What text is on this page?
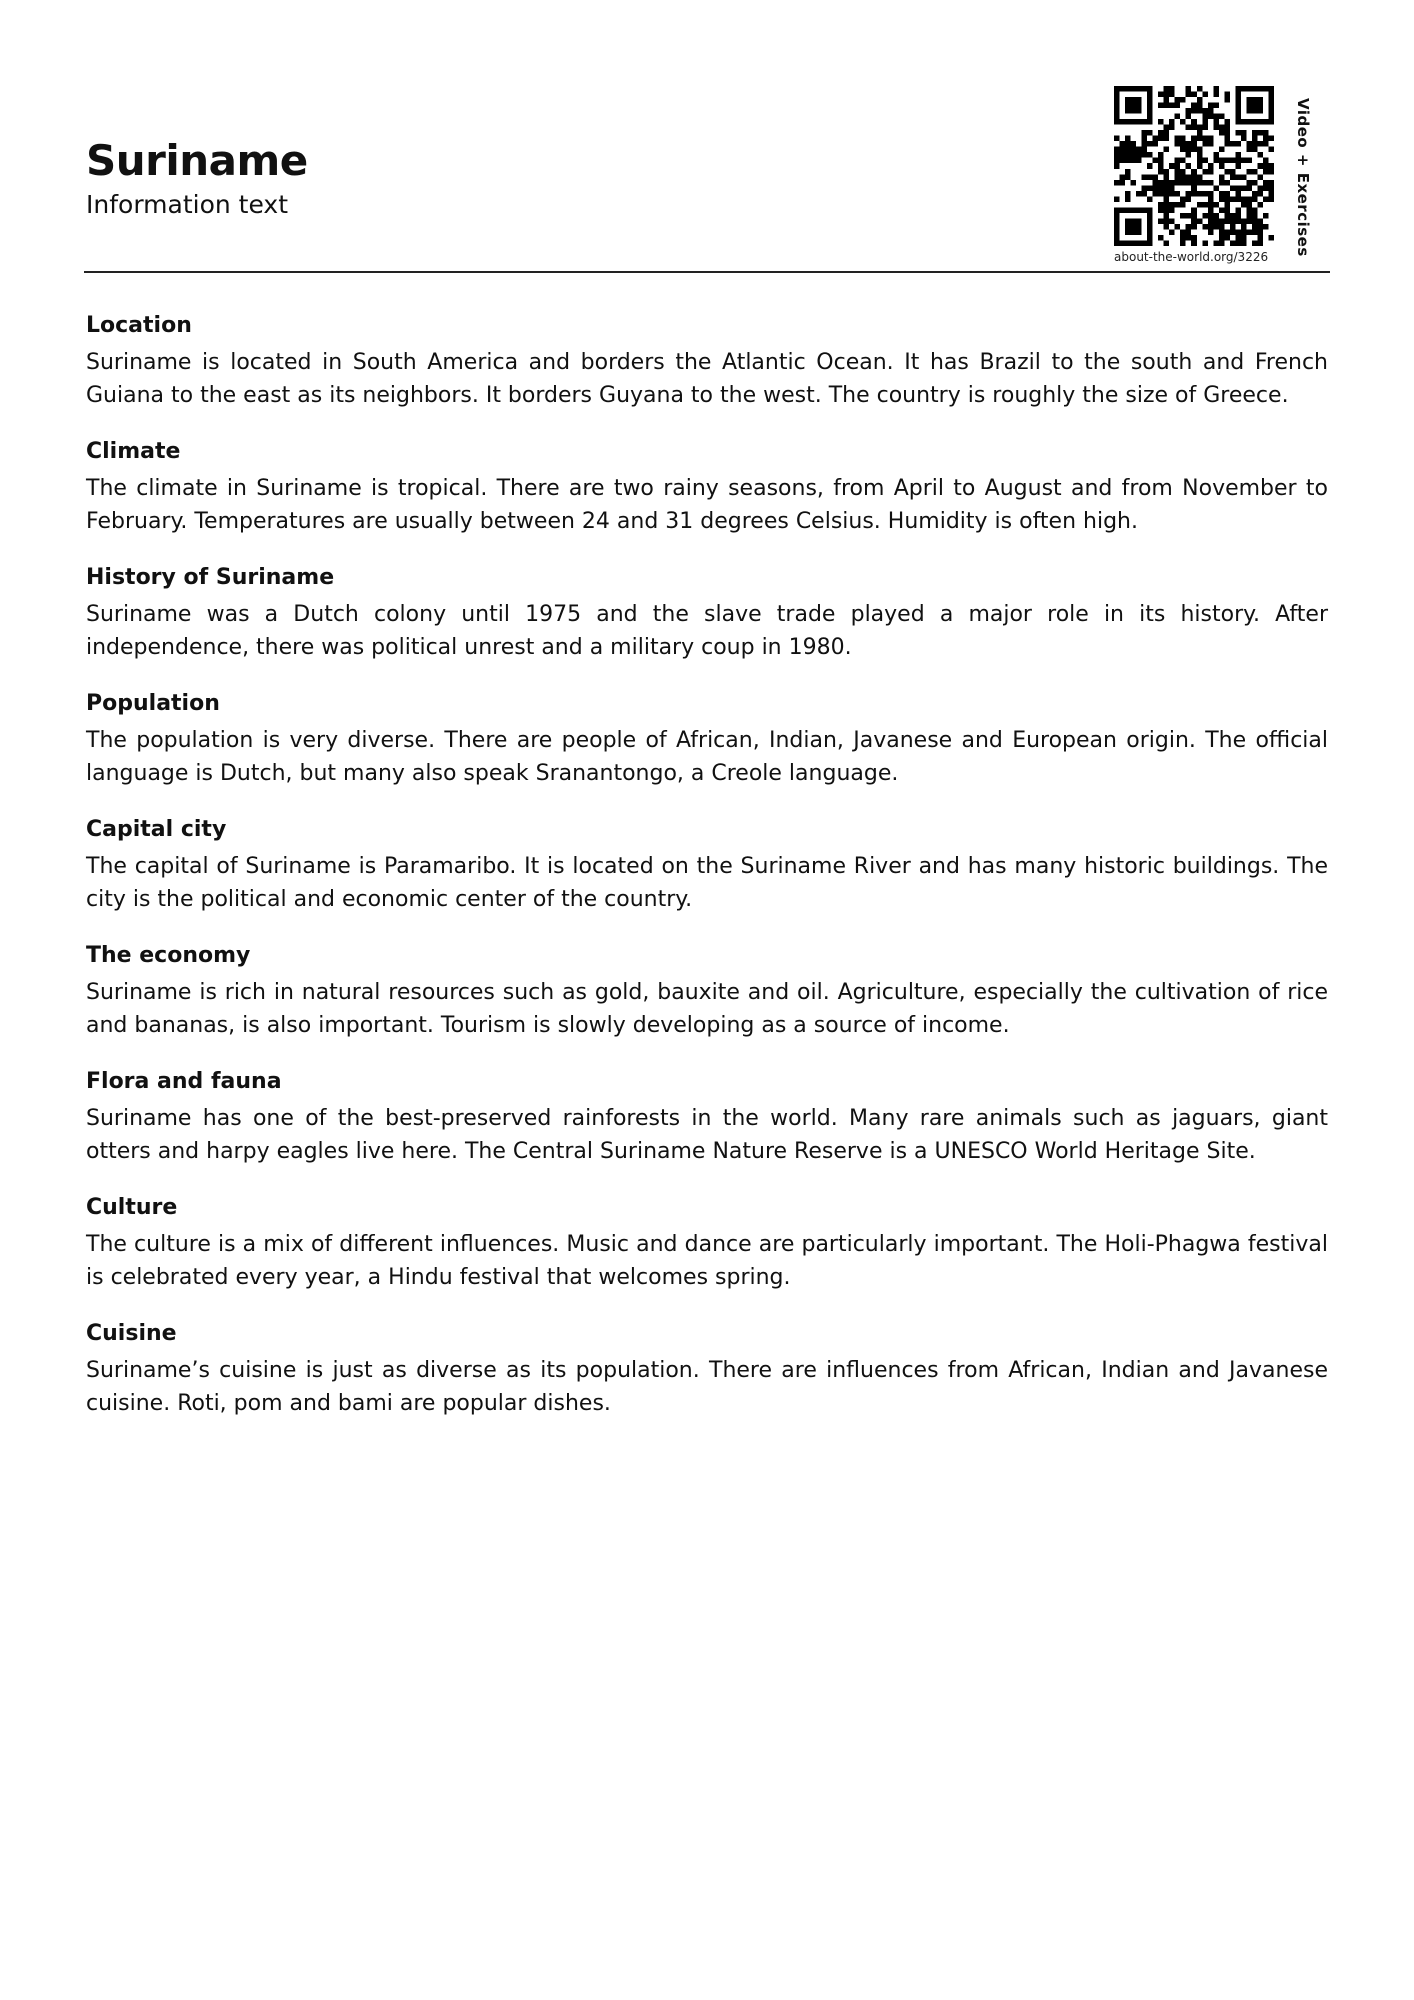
Suriname

Information text

about-the-world.org/3226
Video + Exercises
Location

Suriname is located in South America and borders the Atlantic Ocean. It has Brazil to the south and French Guiana to the east as its neighbors. It borders Guyana to the west. The country is roughly the size of Greece.

Climate

The climate in Suriname is tropical. There are two rainy seasons, from April to August and from November to February. Temperatures are usually between 24 and 31 degrees Celsius. Humidity is often high.

History of Suriname

Suriname was a Dutch colony until 1975 and the slave trade played a major role in its history. After independence, there was political unrest and a military coup in 1980.

Population

The population is very diverse. There are people of African, Indian, Javanese and European origin. The official language is Dutch, but many also speak Sranantongo, a Creole language.

Capital city

The capital of Suriname is Paramaribo. It is located on the Suriname River and has many historic buildings. The city is the political and economic center of the country.

The economy

Suriname is rich in natural resources such as gold, bauxite and oil. Agriculture, especially the cultivation of rice and bananas, is also important. Tourism is slowly developing as a source of income.

Flora and fauna

Suriname has one of the best-preserved rainforests in the world. Many rare animals such as jaguars, giant otters and harpy eagles live here. The Central Suriname Nature Reserve is a UNESCO World Heritage Site.

Culture

The culture is a mix of different influences. Music and dance are particularly important. The Holi-Phagwa festival is celebrated every year, a Hindu festival that welcomes spring.

Cuisine

Suriname’s cuisine is just as diverse as its population. There are influences from African, Indian and Javanese cuisine. Roti, pom and bami are popular dishes.
